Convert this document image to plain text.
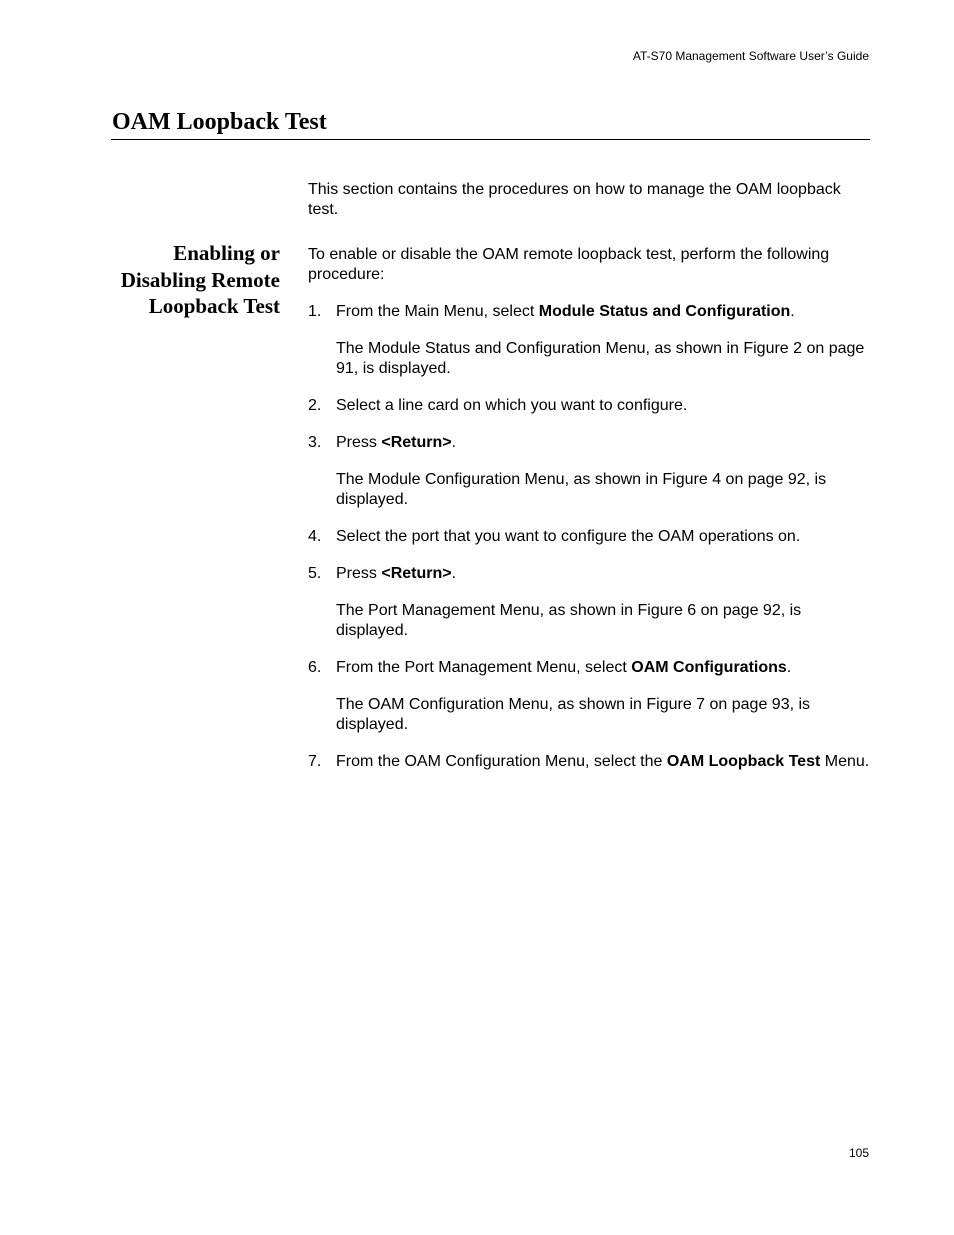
AT-S70 Management Software User’s Guide
OAM Loopback Test

This section contains the procedures on how to manage the OAM loopback test.

Enabling or Disabling Remote Loopback Test

To enable or disable the OAM remote loopback test, perform the following procedure:

1. From the Main Menu, select Module Status and Configuration.

The Module Status and Configuration Menu, as shown in Figure 2 on page 91, is displayed.

2. Select a line card on which you want to configure.

3. Press <Return>.

The Module Configuration Menu, as shown in Figure 4 on page 92, is displayed.

4. Select the port that you want to configure the OAM operations on.

5. Press <Return>.

The Port Management Menu, as shown in Figure 6 on page 92, is displayed.

6. From the Port Management Menu, select OAM Configurations.

The OAM Configuration Menu, as shown in Figure 7 on page 93, is displayed.

7. From the OAM Configuration Menu, select the OAM Loopback Test Menu.

105
